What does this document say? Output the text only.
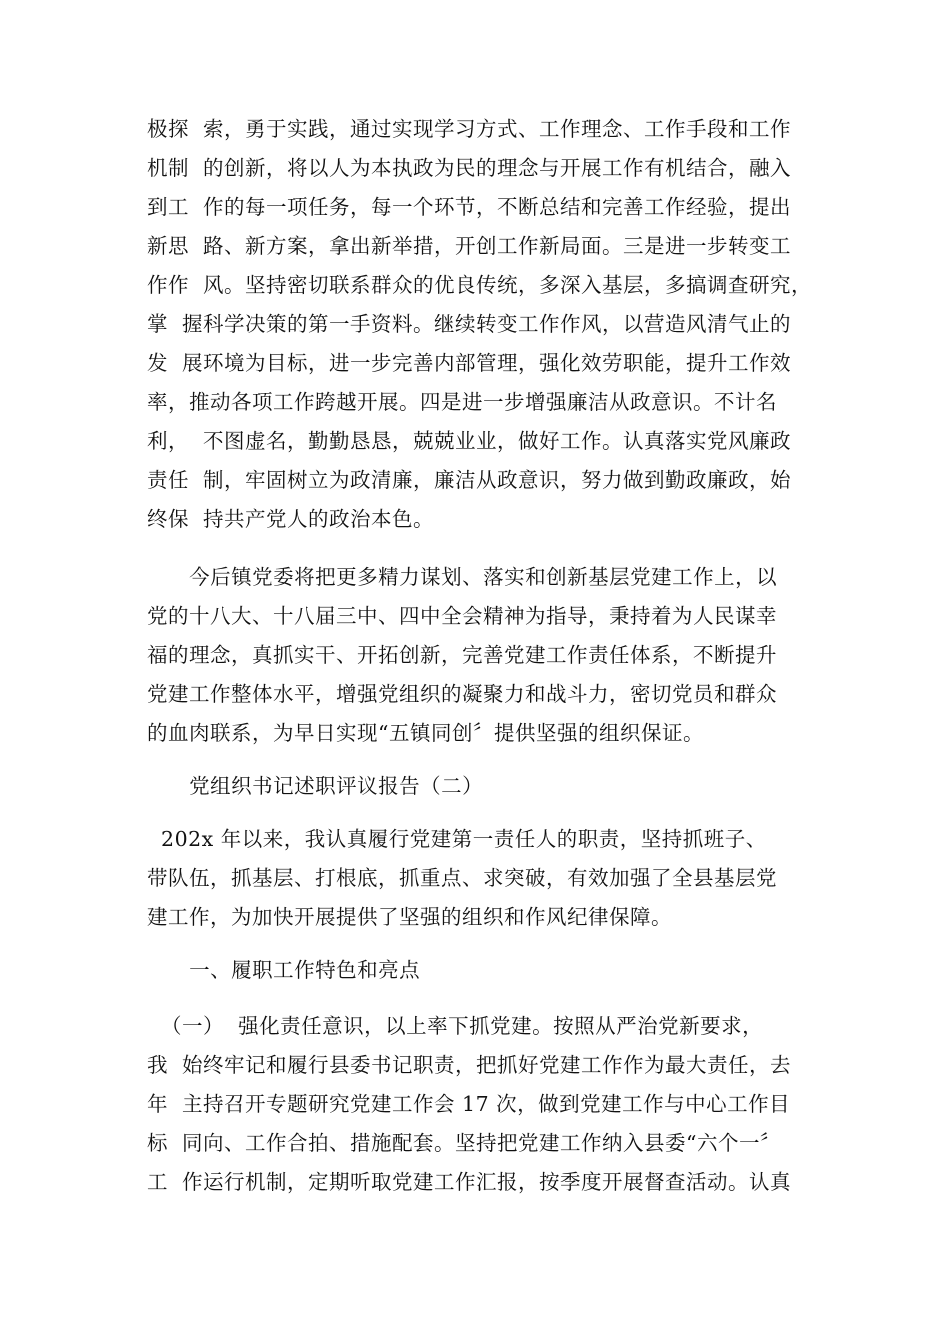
极探  索，勇于实践，通过实现学习方式、工作理念、工作手段和工作
机制  的创新，将以人为本执政为民的理念与开展工作有机结合，融入
到工  作的每一项任务，每一个环节，不断总结和完善工作经验，提出
新思  路、新方案，拿出新举措，开创工作新局面。三是进一步转变工
作作  风。坚持密切联系群众的优良传统，多深入基层，多搞调查研究，
掌  握科学决策的第一手资料。继续转变工作作风，以营造风清气止的
发  展环境为目标，进一步完善内部管理，强化效劳职能，提升工作效
率，推动各项工作跨越开展。四是进一步增强廉洁从政意识。不计名
利，  不图虚名，勤勤恳恳，兢兢业业，做好工作。认真落实党风廉政
责任  制，牢固树立为政清廉，廉洁从政意识，努力做到勤政廉政，始
终保  持共产党人的政治本色。
今后镇党委将把更多精力谋划、落实和创新基层党建工作上，以
党的十八大、十八届三中、四中全会精神为指导，秉持着为人民谋幸
福的理念，真抓实干、开拓创新，完善党建工作责任体系，不断提升
党建工作整体水平，增强党组织的凝聚力和战斗力，密切党员和群众
的血肉联系，为早日实现“五镇同创〞提供坚强的组织保证。
党组织书记述职评议报告（二）
202x 年以来，我认真履行党建第一责任人的职责，坚持抓班子、
带队伍，抓基层、打根底，抓重点、求突破，有效加强了全县基层党
建工作，为加快开展提供了坚强的组织和作风纪律保障。
一、履职工作特色和亮点
（一）  强化责任意识，以上率下抓党建。按照从严治党新要求，
我  始终牢记和履行县委书记职责，把抓好党建工作作为最大责任，去
年  主持召开专题研究党建工作会 17 次，做到党建工作与中心工作目
标  同向、工作合拍、措施配套。坚持把党建工作纳入县委“六个一〞
工  作运行机制，定期听取党建工作汇报，按季度开展督查活动。认真
